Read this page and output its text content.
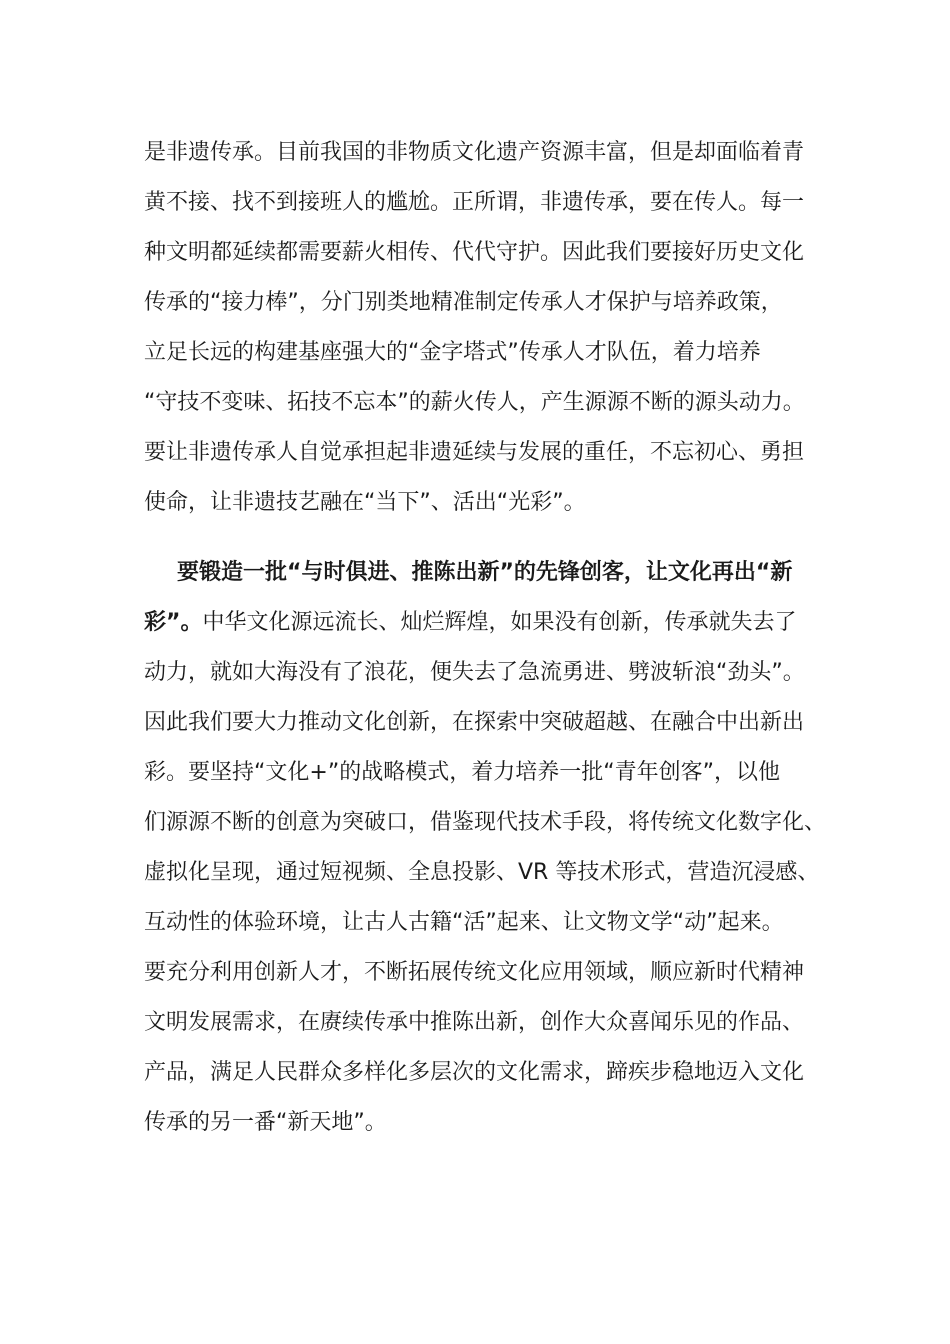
是非遗传承。目前我国的非物质文化遗产资源丰富，但是却面临着青
黄不接、找不到接班人的尴尬。正所谓，非遗传承，要在传人。每一
种文明都延续都需要薪火相传、代代守护。因此我们要接好历史文化
传承的“接力棒”，分门别类地精准制定传承人才保护与培养政策，
立足长远的构建基座强大的“金字塔式”传承人才队伍，着力培养
“守技不变味、拓技不忘本”的薪火传人，产生源源不断的源头动力。
要让非遗传承人自觉承担起非遗延续与发展的重任，不忘初心、勇担
使命，让非遗技艺融在“当下”、活出“光彩”。
要锻造一批“与时俱进、推陈出新”的先锋创客，让文化再出“新
彩”。中华文化源远流长、灿烂辉煌，如果没有创新，传承就失去了
动力，就如大海没有了浪花，便失去了急流勇进、劈波斩浪“劲头”。
因此我们要大力推动文化创新，在探索中突破超越、在融合中出新出
彩。要坚持“文化+”的战略模式，着力培养一批“青年创客”，以他
们源源不断的创意为突破口，借鉴现代技术手段，将传统文化数字化、
虚拟化呈现，通过短视频、全息投影、VR 等技术形式，营造沉浸感、
互动性的体验环境，让古人古籍“活”起来、让文物文学“动”起来。
要充分利用创新人才，不断拓展传统文化应用领域，顺应新时代精神
文明发展需求，在赓续传承中推陈出新，创作大众喜闻乐见的作品、
产品，满足人民群众多样化多层次的文化需求，蹄疾步稳地迈入文化
传承的另一番“新天地”。
